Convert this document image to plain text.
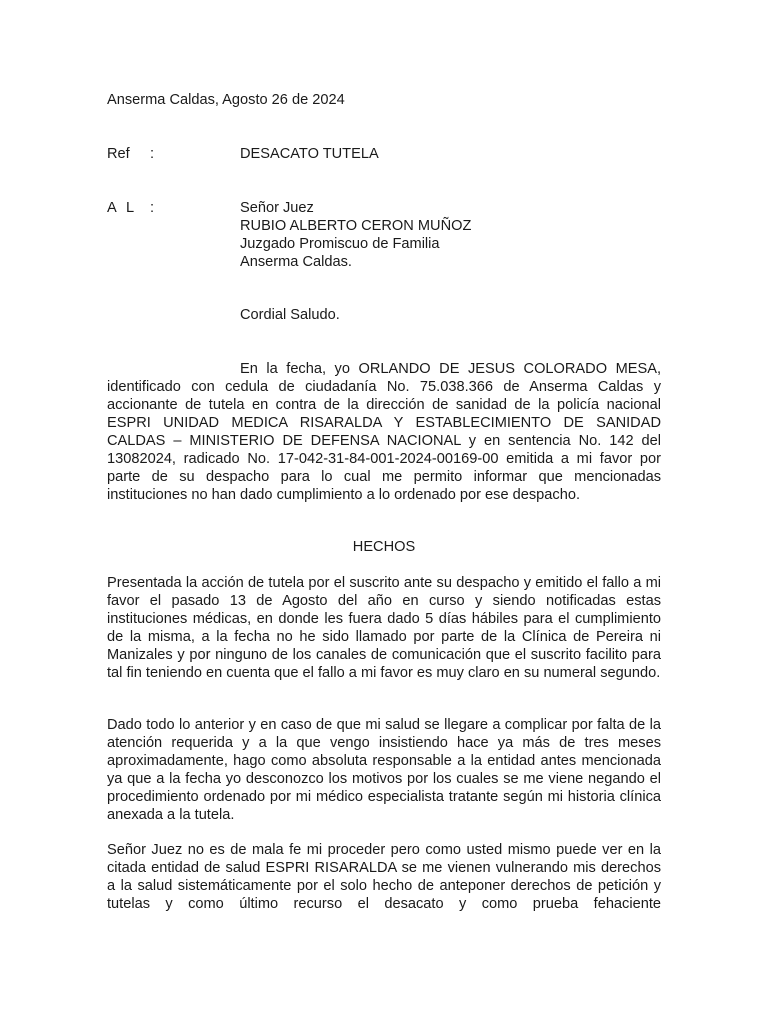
Anserma Caldas, Agosto 26 de 2024
Ref :	DESACATO TUTELA
A L :	Señor Juez
RUBIO ALBERTO CERON MUÑOZ
Juzgado Promiscuo de Familia
Anserma Caldas.
Cordial Saludo.
En la fecha, yo ORLANDO DE JESUS COLORADO MESA, identificado con cedula de ciudadanía No. 75.038.366 de Anserma Caldas y accionante de tutela en contra de la dirección de sanidad de la policía nacional ESPRI UNIDAD MEDICA RISARALDA Y ESTABLECIMIENTO DE SANIDAD CALDAS – MINISTERIO DE DEFENSA NACIONAL y en sentencia No. 142 del 13082024, radicado No. 17-042-31-84-001-2024-00169-00 emitida a mi favor por parte de su despacho para lo cual me permito informar que mencionadas instituciones no han dado cumplimiento a lo ordenado por ese despacho.
HECHOS
Presentada la acción de tutela por el suscrito ante su despacho y emitido el fallo a mi favor el pasado 13 de Agosto del año en curso y siendo notificadas estas instituciones médicas, en donde les fuera dado 5 días hábiles para el cumplimiento de la misma, a la fecha no he sido llamado por parte de la Clínica de Pereira ni Manizales y por ninguno de los canales de comunicación que el suscrito facilito para tal fin teniendo en cuenta que el fallo a mi favor es muy claro en su numeral segundo.
Dado todo lo anterior y en caso de que mi salud se llegare a complicar por falta de la atención requerida y a la que vengo insistiendo hace ya más de tres meses aproximadamente, hago como absoluta responsable a la entidad antes mencionada ya que a la fecha yo desconozco los motivos por los cuales se me viene negando el procedimiento ordenado por mi médico especialista tratante según mi historia clínica anexada a la tutela.
Señor Juez no es de mala fe mi proceder pero como usted mismo puede ver en la citada entidad de salud ESPRI RISARALDA se me vienen vulnerando mis derechos a la salud sistemáticamente por el solo hecho de anteponer derechos de petición y tutelas y como último recurso el desacato y como prueba fehaciente
